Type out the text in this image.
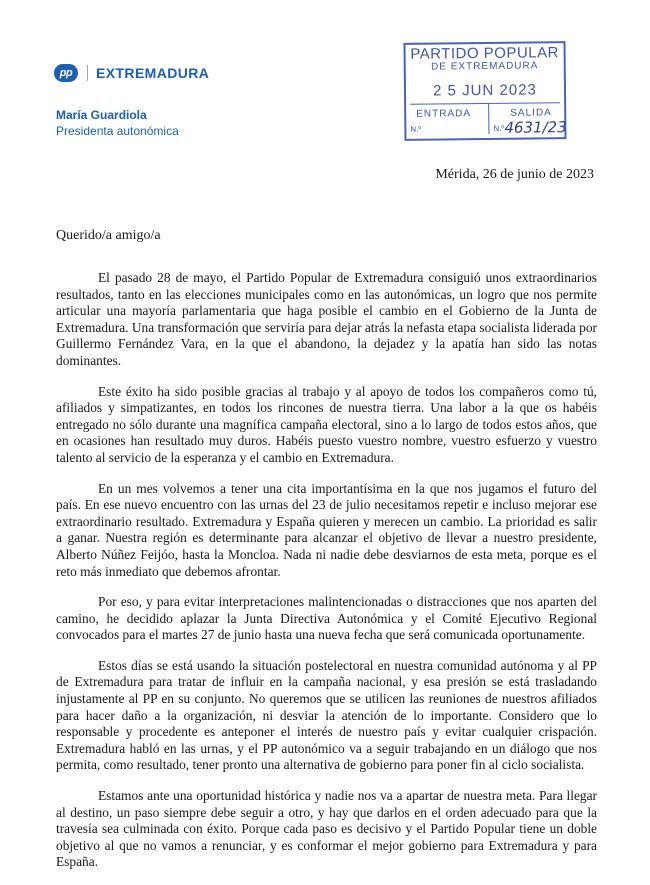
pp	EXTREMADURA
María Guardiola
Presidenta autonómica
PARTIDO POPULAR
DE EXTREMADURA
2 5 JUN 2023
ENTRADA	SALIDA
N.º	N.º 4631/23
Mérida, 26 de junio de 2023
Querido/a amigo/a

El pasado 28 de mayo, el Partido Popular de Extremadura consiguió unos extraordinarios resultados, tanto en las elecciones municipales como en las autonómicas, un logro que nos permite articular una mayoría parlamentaria que haga posible el cambio en el Gobierno de la Junta de Extremadura. Una transformación que serviría para dejar atrás la nefasta etapa socialista liderada por Guillermo Fernández Vara, en la que el abandono, la dejadez y la apatía han sido las notas dominantes.

Este éxito ha sido posible gracias al trabajo y al apoyo de todos los compañeros como tú, afiliados y simpatizantes, en todos los rincones de nuestra tierra. Una labor a la que os habéis entregado no sólo durante una magnífica campaña electoral, sino a lo largo de todos estos años, que en ocasiones han resultado muy duros. Habéis puesto vuestro nombre, vuestro esfuerzo y vuestro talento al servicio de la esperanza y el cambio en Extremadura.

En un mes volvemos a tener una cita importantísima en la que nos jugamos el futuro del país. En ese nuevo encuentro con las urnas del 23 de julio necesitamos repetir e incluso mejorar ese extraordinario resultado. Extremadura y España quieren y merecen un cambio. La prioridad es salir a ganar. Nuestra región es determinante para alcanzar el objetivo de llevar a nuestro presidente, Alberto Núñez Feijóo, hasta la Moncloa. Nada ni nadie debe desviarnos de esta meta, porque es el reto más inmediato que debemos afrontar.

Por eso, y para evitar interpretaciones malintencionadas o distracciones que nos aparten del camino, he decidido aplazar la Junta Directiva Autonómica y el Comité Ejecutivo Regional convocados para el martes 27 de junio hasta una nueva fecha que será comunicada oportunamente.

Estos días se está usando la situación postelectoral en nuestra comunidad autónoma y al PP de Extremadura para tratar de influir en la campaña nacional, y esa presión se está trasladando injustamente al PP en su conjunto. No queremos que se utilicen las reuniones de nuestros afiliados para hacer daño a la organización, ni desviar la atención de lo importante. Considero que lo responsable y procedente es anteponer el interés de nuestro país y evitar cualquier crispación. Extremadura habló en las urnas, y el PP autonómico va a seguir trabajando en un diálogo que nos permita, como resultado, tener pronto una alternativa de gobierno para poner fin al ciclo socialista.

Estamos ante una oportunidad histórica y nadie nos va a apartar de nuestra meta. Para llegar al destino, un paso siempre debe seguir a otro, y hay que darlos en el orden adecuado para que la travesía sea culminada con éxito. Porque cada paso es decisivo y el Partido Popular tiene un doble objetivo al que no vamos a renunciar, y es conformar el mejor gobierno para Extremadura y para España.
